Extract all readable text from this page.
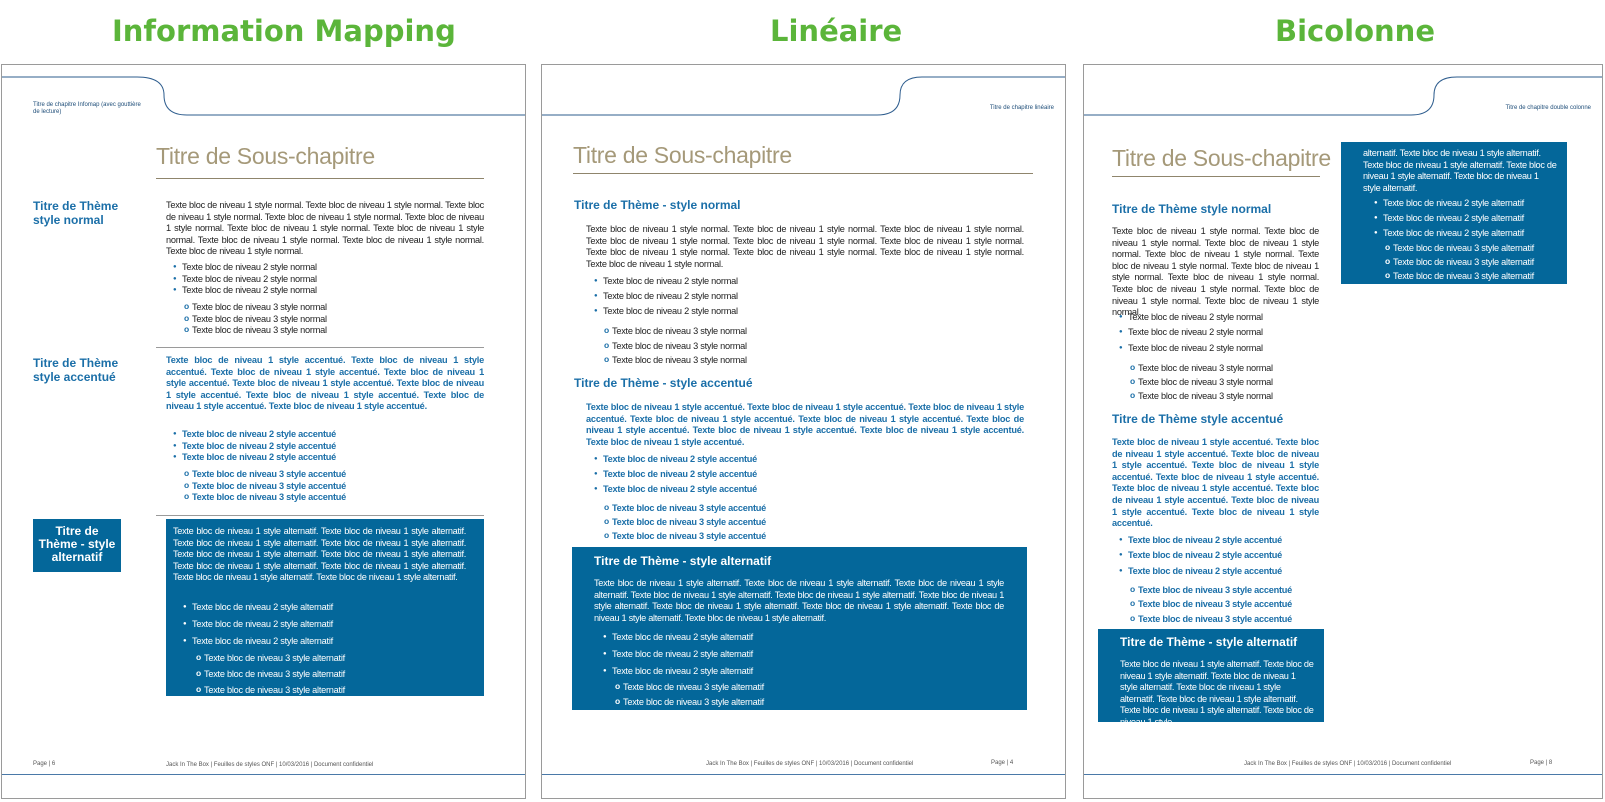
Information Mapping	Linéaire	Bicolonne
Titre de chapitre Infomap (avec gouttière de lecture)
Titre de Sous-chapitre
Titre de Thème style normal
Texte bloc de niveau 1 style normal. Texte bloc de niveau 1 style normal. Texte bloc de niveau 1 style normal. Texte bloc de niveau 1 style normal. Texte bloc de niveau 1 style normal. Texte bloc de niveau 1 style normal. Texte bloc de niveau 1 style normal. Texte bloc de niveau 1 style normal. Texte bloc de niveau 1 style normal. Texte bloc de niveau 1 style normal.
● Texte bloc de niveau 2 style normal
● Texte bloc de niveau 2 style normal
● Texte bloc de niveau 2 style normal
o Texte bloc de niveau 3 style normal
o Texte bloc de niveau 3 style normal
o Texte bloc de niveau 3 style normal
Titre de Thème style accentué
Texte bloc de niveau 1 style accentué. Texte bloc de niveau 1 style accentué. Texte bloc de niveau 1 style accentué. Texte bloc de niveau 1 style accentué. Texte bloc de niveau 1 style accentué. Texte bloc de niveau 1 style accentué. Texte bloc de niveau 1 style accentué. Texte bloc de niveau 1 style accentué. Texte bloc de niveau 1 style accentué.
● Texte bloc de niveau 2 style accentué
● Texte bloc de niveau 2 style accentué
● Texte bloc de niveau 2 style accentué
o Texte bloc de niveau 3 style accentué
o Texte bloc de niveau 3 style accentué
o Texte bloc de niveau 3 style accentué
Titre de Thème - style alternatif
Texte bloc de niveau 1 style alternatif. Texte bloc de niveau 1 style alternatif. Texte bloc de niveau 1 style alternatif. Texte bloc de niveau 1 style alternatif. Texte bloc de niveau 1 style alternatif. Texte bloc de niveau 1 style alternatif. Texte bloc de niveau 1 style alternatif. Texte bloc de niveau 1 style alternatif. Texte bloc de niveau 1 style alternatif. Texte bloc de niveau 1 style alternatif.
● Texte bloc de niveau 2 style alternatif
● Texte bloc de niveau 2 style alternatif
● Texte bloc de niveau 2 style alternatif
o Texte bloc de niveau 3 style alternatif
o Texte bloc de niveau 3 style alternatif
o Texte bloc de niveau 3 style alternatif
Page | 6	Jack In The Box | Feuilles de styles ONF | 10/03/2016 | Document confidentiel
Titre de chapitre linéaire
Titre de Sous-chapitre
Titre de Thème - style normal
Texte bloc de niveau 1 style normal. Texte bloc de niveau 1 style normal. Texte bloc de niveau 1 style normal. Texte bloc de niveau 1 style normal. Texte bloc de niveau 1 style normal. Texte bloc de niveau 1 style normal. Texte bloc de niveau 1 style normal. Texte bloc de niveau 1 style normal. Texte bloc de niveau 1 style normal. Texte bloc de niveau 1 style normal.
● Texte bloc de niveau 2 style normal
● Texte bloc de niveau 2 style normal
● Texte bloc de niveau 2 style normal
o Texte bloc de niveau 3 style normal
o Texte bloc de niveau 3 style normal
o Texte bloc de niveau 3 style normal
Titre de Thème - style accentué
Texte bloc de niveau 1 style accentué. Texte bloc de niveau 1 style accentué. Texte bloc de niveau 1 style accentué. Texte bloc de niveau 1 style accentué. Texte bloc de niveau 1 style accentué. Texte bloc de niveau 1 style accentué. Texte bloc de niveau 1 style accentué. Texte bloc de niveau 1 style accentué. Texte bloc de niveau 1 style accentué.
● Texte bloc de niveau 2 style accentué
● Texte bloc de niveau 2 style accentué
● Texte bloc de niveau 2 style accentué
o Texte bloc de niveau 3 style accentué
o Texte bloc de niveau 3 style accentué
o Texte bloc de niveau 3 style accentué
Titre de Thème - style alternatif
Texte bloc de niveau 1 style alternatif. Texte bloc de niveau 1 style alternatif. Texte bloc de niveau 1 style alternatif. Texte bloc de niveau 1 style alternatif. Texte bloc de niveau 1 style alternatif. Texte bloc de niveau 1 style alternatif. Texte bloc de niveau 1 style alternatif. Texte bloc de niveau 1 style alternatif. Texte bloc de niveau 1 style alternatif. Texte bloc de niveau 1 style alternatif.
● Texte bloc de niveau 2 style alternatif
● Texte bloc de niveau 2 style alternatif
● Texte bloc de niveau 2 style alternatif
o Texte bloc de niveau 3 style alternatif
o Texte bloc de niveau 3 style alternatif
Jack In The Box | Feuilles de styles ONF | 10/03/2016 | Document confidentiel	Page | 4
Titre de chapitre double colonne
Titre de Sous-chapitre
Titre de Thème style normal
Texte bloc de niveau 1 style normal. Texte bloc de niveau 1 style normal. Texte bloc de niveau 1 style normal. Texte bloc de niveau 1 style normal. Texte bloc de niveau 1 style normal. Texte bloc de niveau 1 style normal. Texte bloc de niveau 1 style normal. Texte bloc de niveau 1 style normal. Texte bloc de niveau 1 style normal. Texte bloc de niveau 1 style normal.
● Texte bloc de niveau 2 style normal
● Texte bloc de niveau 2 style normal
● Texte bloc de niveau 2 style normal
o Texte bloc de niveau 3 style normal
o Texte bloc de niveau 3 style normal
o Texte bloc de niveau 3 style normal
Titre de Thème style accentué
Texte bloc de niveau 1 style accentué. Texte bloc de niveau 1 style accentué. Texte bloc de niveau 1 style accentué. Texte bloc de niveau 1 style accentué. Texte bloc de niveau 1 style accentué. Texte bloc de niveau 1 style accentué. Texte bloc de niveau 1 style accentué. Texte bloc de niveau 1 style accentué. Texte bloc de niveau 1 style accentué.
● Texte bloc de niveau 2 style accentué
● Texte bloc de niveau 2 style accentué
● Texte bloc de niveau 2 style accentué
o Texte bloc de niveau 3 style accentué
o Texte bloc de niveau 3 style accentué
o Texte bloc de niveau 3 style accentué
Titre de Thème - style alternatif
Texte bloc de niveau 1 style alternatif. Texte bloc de niveau 1 style alternatif. Texte bloc de niveau 1 style alternatif. Texte bloc de niveau 1 style alternatif. Texte bloc de niveau 1 style alternatif. Texte bloc de niveau 1 style alternatif. Texte bloc de niveau 1 style
alternatif. Texte bloc de niveau 1 style alternatif. Texte bloc de niveau 1 style alternatif. Texte bloc de niveau 1 style alternatif. Texte bloc de niveau 1 style alternatif.
● Texte bloc de niveau 2 style alternatif
● Texte bloc de niveau 2 style alternatif
● Texte bloc de niveau 2 style alternatif
o Texte bloc de niveau 3 style alternatif
o Texte bloc de niveau 3 style alternatif
o Texte bloc de niveau 3 style alternatif
Jack In The Box | Feuilles de styles ONF | 10/03/2016 | Document confidentiel	Page | 8
